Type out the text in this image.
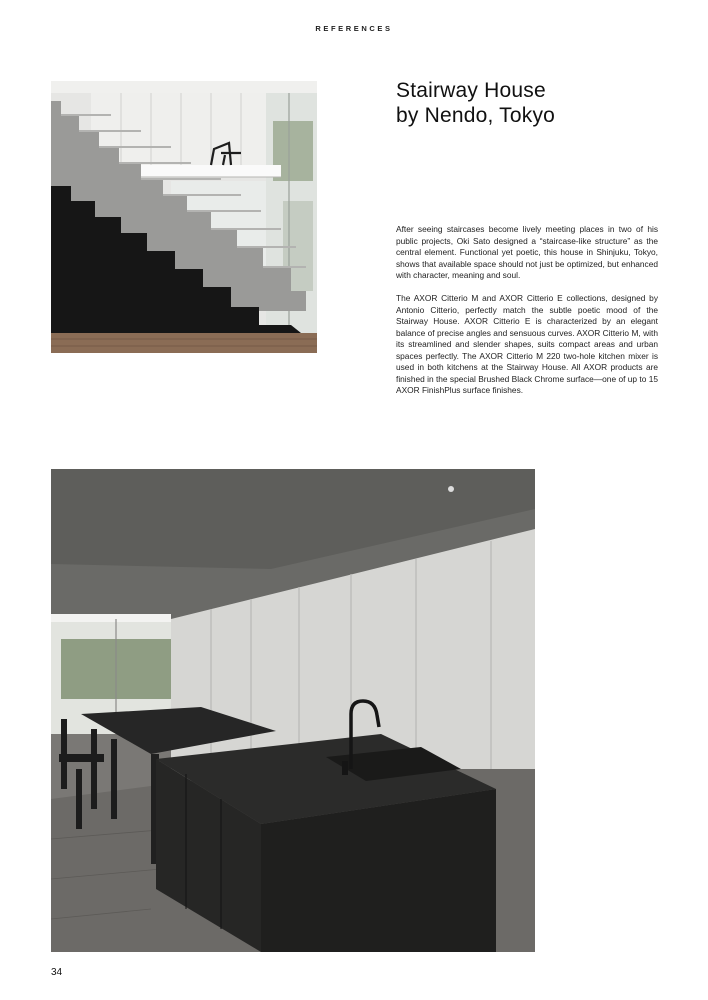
REFERENCES
Stairway House
by Nendo, Tokyo

After seeing staircases become lively meeting places in two of his public projects, Oki Sato designed a “staircase-like structure” as the central element. Functional yet poetic, this house in Shinjuku, Tokyo, shows that available space should not just be optimized, but enhanced with character, meaning and soul.

The AXOR Citterio M and AXOR Citterio E collections, designed by Antonio Citterio, perfectly match the subtle poetic mood of the Stairway House. AXOR Citterio E is characterized by an elegant balance of precise angles and sensuous curves. AXOR Citterio M, with its streamlined and slender shapes, suits compact areas and urban spaces perfectly. The AXOR Citterio M 220 two-hole kitchen mixer is used in both kitchens at the Stairway House. All AXOR products are finished in the special Brushed Black Chrome surface—one of up to 15 AXOR FinishPlus surface finishes.

34
